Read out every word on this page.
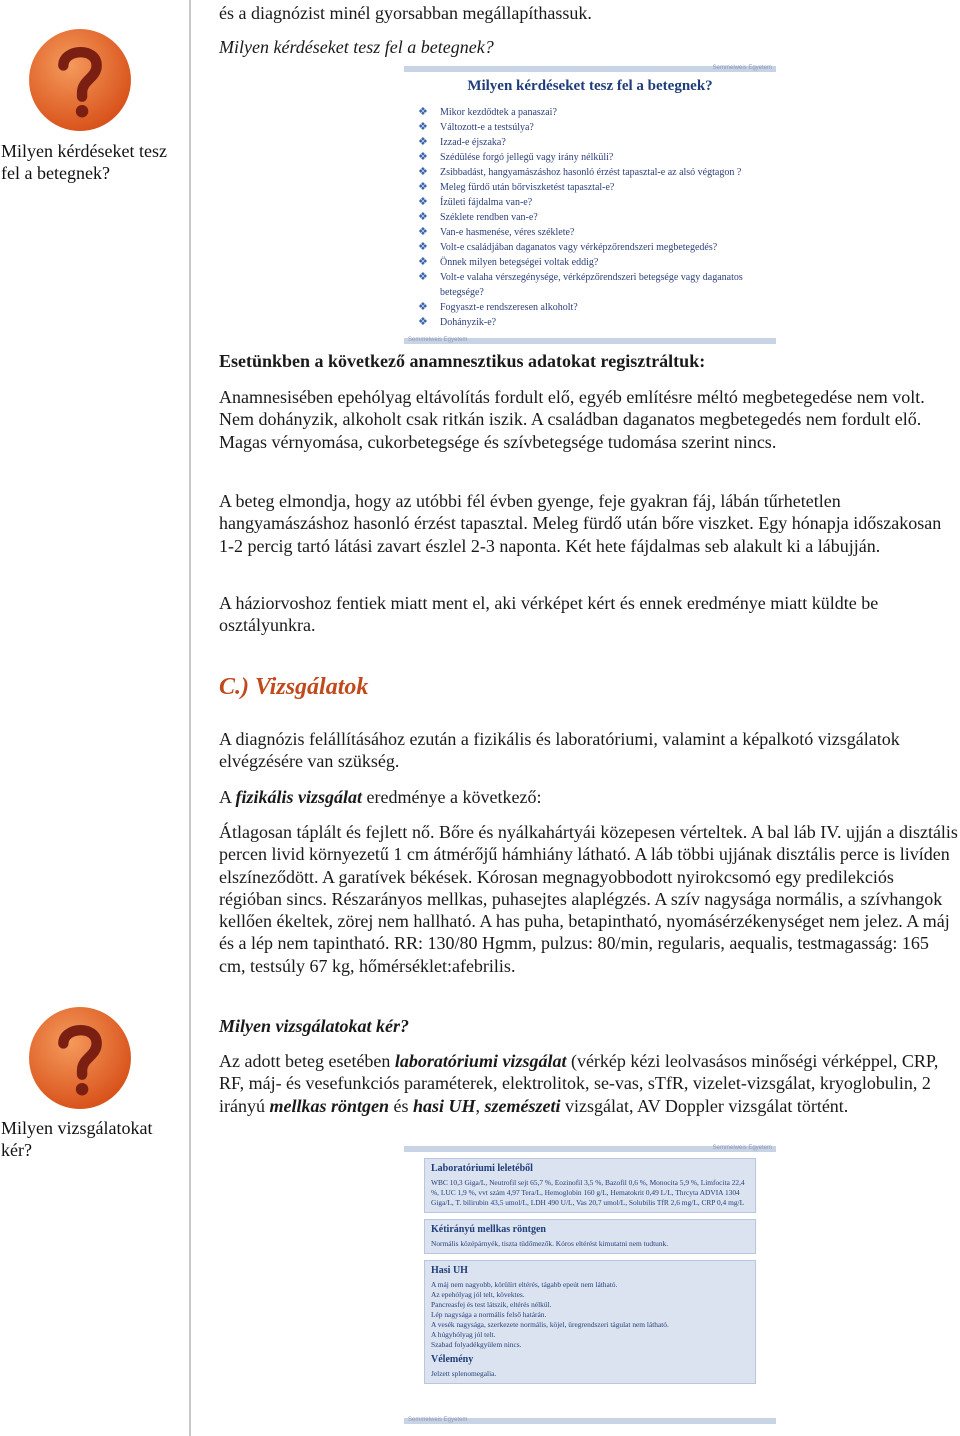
Milyen kérdéseket tesz fel a betegnek?
Milyen vizsgálatokat kér?
és a diagnózist minél gyorsabban megállapíthassuk.
Milyen kérdéseket tesz fel a betegnek?
Semmelweis Egyetem
Milyen kérdéseket tesz fel a betegnek?
❖ Mikor kezdődtek a panaszai?
❖ Változott-e a testsúlya?
❖ Izzad-e éjszaka?
❖ Szédülése forgó jellegű vagy irány nélküli?
❖ Zsibbadást, hangyamászáshoz hasonló érzést tapasztal-e az alsó végtagon ?
❖ Meleg fürdő után bőrviszketést tapasztal-e?
❖ Ízületi fájdalma van-e?
❖ Széklete rendben van-e?
❖ Van-e hasmenése, véres széklete?
❖ Volt-e családjában daganatos vagy vérképzőrendszeri megbetegedés?
❖ Önnek milyen betegségei voltak eddig?
❖ Volt-e valaha vérszegénysége, vérképzőrendszeri betegsége vagy daganatos betegsége?
❖ Fogyaszt-e rendszeresen alkoholt?
❖ Dohányzik-e?
Semmelweis Egyetem
Esetünkben a következő anamnesztikus adatokat regisztráltuk:
Anamnesisében epehólyag eltávolítás fordult elő, egyéb említésre méltó megbetegedése nem volt. Nem dohányzik, alkoholt csak ritkán iszik. A családban daganatos megbetegedés nem fordult elő. Magas vérnyomása, cukorbetegsége és szívbetegsége tudomása szerint nincs.
A beteg elmondja, hogy az utóbbi fél évben gyenge, feje gyakran fáj, lábán tűrhetetlen hangyamászáshoz hasonló érzést tapasztal. Meleg fürdő után bőre viszket. Egy hónapja időszakosan 1-2 percig tartó látási zavart észlel 2-3 naponta. Két hete fájdalmas seb alakult ki a lábujján.
A háziorvoshoz fentiek miatt ment el, aki vérképet kért és ennek eredménye miatt küldte be osztályunkra.
C.) Vizsgálatok
A diagnózis felállításához ezután a fizikális és laboratóriumi, valamint a képalkotó vizsgálatok elvégzésére van szükség.
A fizikális vizsgálat eredménye a következő:
Átlagosan táplált és fejlett nő. Bőre és nyálkahártyái közepesen vérteltek. A bal láb IV. ujján a disztális percen livid környezetű 1 cm átmérőjű hámhiány látható. A láb többi ujjának disztális perce is livíden elszíneződött. A garatívek békések. Kórosan megnagyobbodott nyirokcsomó egy predilekciós régióban sincs. Részarányos mellkas, puhasejtes alaplégzés. A szív nagysága normális, a szívhangok kellően ékeltek, zörej nem hallható. A has puha, betapintható, nyomásérzékenységet nem jelez. A máj és a lép nem tapintható. RR: 130/80 Hgmm, pulzus: 80/min, regularis, aequalis, testmagasság: 165 cm, testsúly 67 kg, hőmérséklet:afebrilis.
Milyen vizsgálatokat kér?
Az adott beteg esetében laboratóriumi vizsgálat (vérkép kézi leolvasásos minőségi vérképpel, CRP, RF, máj- és vesefunkciós paraméterek, elektrolitok, se-vas, sTfR, vizelet-vizsgálat, kryoglobulin, 2 irányú mellkas röntgen és hasi UH, szemészeti vizsgálat, AV Doppler vizsgálat történt.
Semmelweis Egyetem
Laboratóriumi leletéből

WBC 10,3 Giga/L, Neutrofil sejt 65,7 %, Eozinofil 3,5 %, Bazofil 0,6 %, Monocita 5,9 %, Limfocita 22,4 %, LUC 1,9 %, vvt szám 4,97 Tera/L, Hemoglobin 160 g/L, Hematokrit 0,49 L/L, Thrcyta ADVIA 1304 Giga/L, T. bilirubin 43,5 umol/L, LDH 490 U/L, Vas 20,7 umol/L, Solubilis TfR 2,6 mg/L, CRP 0,4 mg/L

Kétirányú mellkas röntgen

Normális középárnyék, tiszta tüdőmezők. Kóros eltérést kimutatni nem tudtunk.

Hasi UH

A máj nem nagyobb, körülírt eltérés, tágabb epeút nem látható.

Az epehólyag jól telt, kövektes.

Pancreasfej és test látszik, eltérés nélkül.

Lép nagysága a normális felső határán.

A vesék nagysága, szerkezete normális, köjel, üregrendszeri tágulat nem látható.

A húgyhólyag jól telt.

Szabad folyadékgyülem nincs.

Vélemény

Jelzett splenomegalia.

Semmelweis Egyetem
